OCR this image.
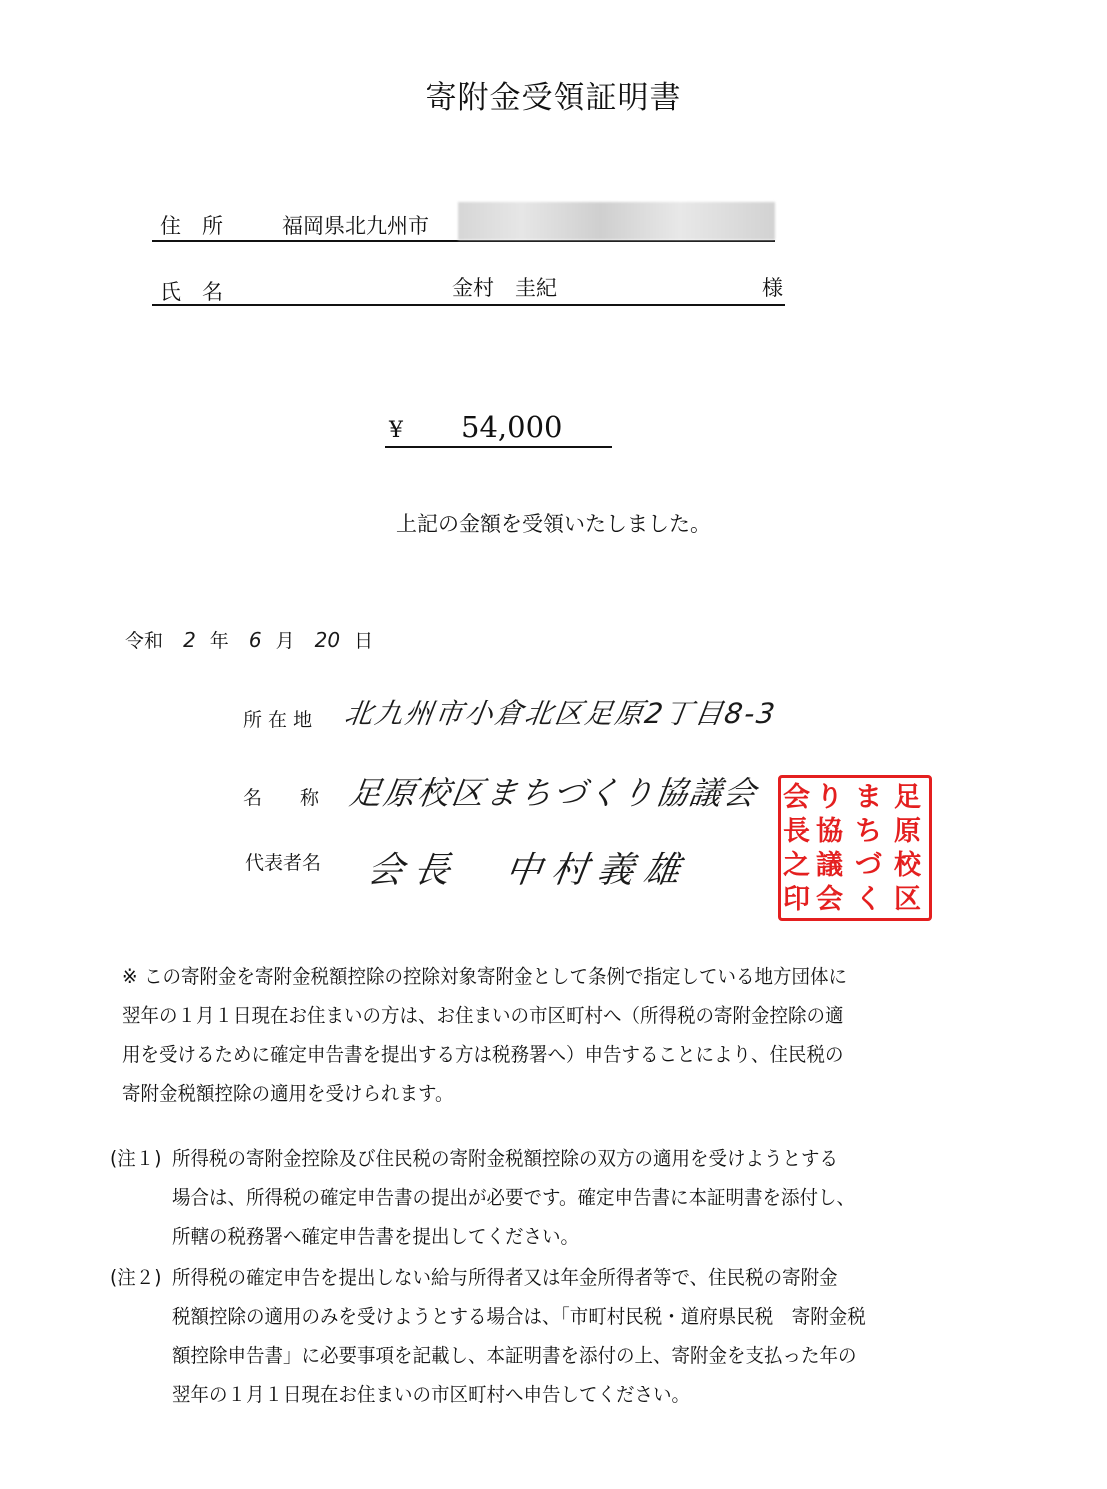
寄附金受領証明書
住　所	福岡県北九州市
氏　名	金村　圭紀	様
¥ 54,000
上記の金額を受領いたしました。
令和 2 年 6 月 20 日
所 在 地 北九州市小倉北区足原2丁目8-3
名　　称 足原校区まちづくり協議会
代表者名 会長　中村義雄
足
原
校
区
ま
ち
づ
く
り
協
議
会
会
長
之
印
※ この寄附金を寄附金税額控除の控除対象寄附金として条例で指定している地方団体に
翌年の１月１日現在お住まいの方は、お住まいの市区町村へ（所得税の寄附金控除の適
用を受けるために確定申告書を提出する方は税務署へ）申告することにより、住民税の
寄附金税額控除の適用を受けられます。
(注１) 所得税の寄附金控除及び住民税の寄附金税額控除の双方の適用を受けようとする
場合は、所得税の確定申告書の提出が必要です。確定申告書に本証明書を添付し、
所轄の税務署へ確定申告書を提出してください。
(注２) 所得税の確定申告を提出しない給与所得者又は年金所得者等で、住民税の寄附金
税額控除の適用のみを受けようとする場合は、「市町村民税・道府県民税　寄附金税
額控除申告書」に必要事項を記載し、本証明書を添付の上、寄附金を支払った年の
翌年の１月１日現在お住まいの市区町村へ申告してください。
